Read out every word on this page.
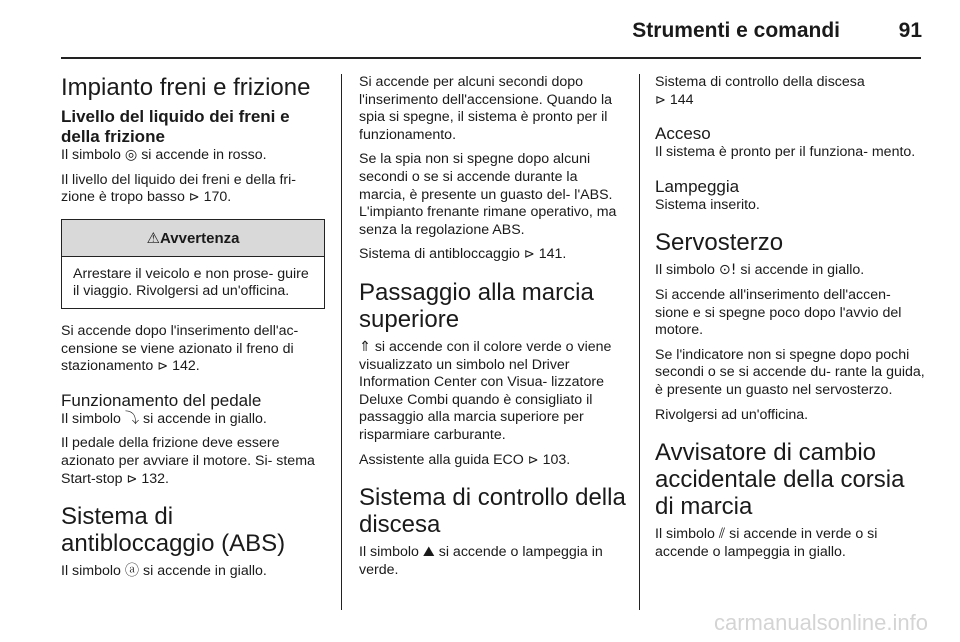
Strumenti e comandi	91
Impianto freni e frizione
Livello del liquido dei freni e della frizione

Il simbolo ◎ si accende in rosso.

Il livello del liquido dei freni e della fri- zione è tropo basso ⊳ 170.

⚠Avvertenza
Arrestare il veicolo e non prose- guire il viaggio. Rivolgersi ad un'officina.

Si accende dopo l'inserimento dell'ac- censione se viene azionato il freno di stazionamento ⊳ 142.

Funzionamento del pedale

Il simbolo ⤵ si accende in giallo.

Il pedale della frizione deve essere azionato per avviare il motore. Si- stema Start-stop ⊳ 132.

Sistema di antibloccaggio (ABS)

Il simbolo ⓐ si accende in giallo.

Si accende per alcuni secondi dopo l'inserimento dell'accensione. Quando la spia si spegne, il sistema è pronto per il funzionamento.

Se la spia non si spegne dopo alcuni secondi o se si accende durante la marcia, è presente un guasto del- l'ABS. L'impianto frenante rimane operativo, ma senza la regolazione ABS.

Sistema di antibloccaggio ⊳ 141.

Passaggio alla marcia superiore

⇑ si accende con il colore verde o viene visualizzato un simbolo nel Driver Information Center con Visua- lizzatore Deluxe Combi quando è consigliato il passaggio alla marcia superiore per risparmiare carburante.

Assistente alla guida ECO ⊳ 103.

Sistema di controllo della discesa

Il simbolo ⛰ si accende o lampeggia in verde.

Sistema di controllo della discesa
⊳ 144

Acceso

Il sistema è pronto per il funziona- mento.

Lampeggia

Sistema inserito.

Servosterzo

Il simbolo ⊙! si accende in giallo.

Si accende all'inserimento dell'accen- sione e si spegne poco dopo l'avvio del motore.

Se l'indicatore non si spegne dopo pochi secondi o se si accende du- rante la guida, è presente un guasto nel servosterzo.

Rivolgersi ad un'officina.

Avvisatore di cambio accidentale della corsia di marcia

Il simbolo ⫽ si accende in verde o si accende o lampeggia in giallo.

carmanualsonline.info
